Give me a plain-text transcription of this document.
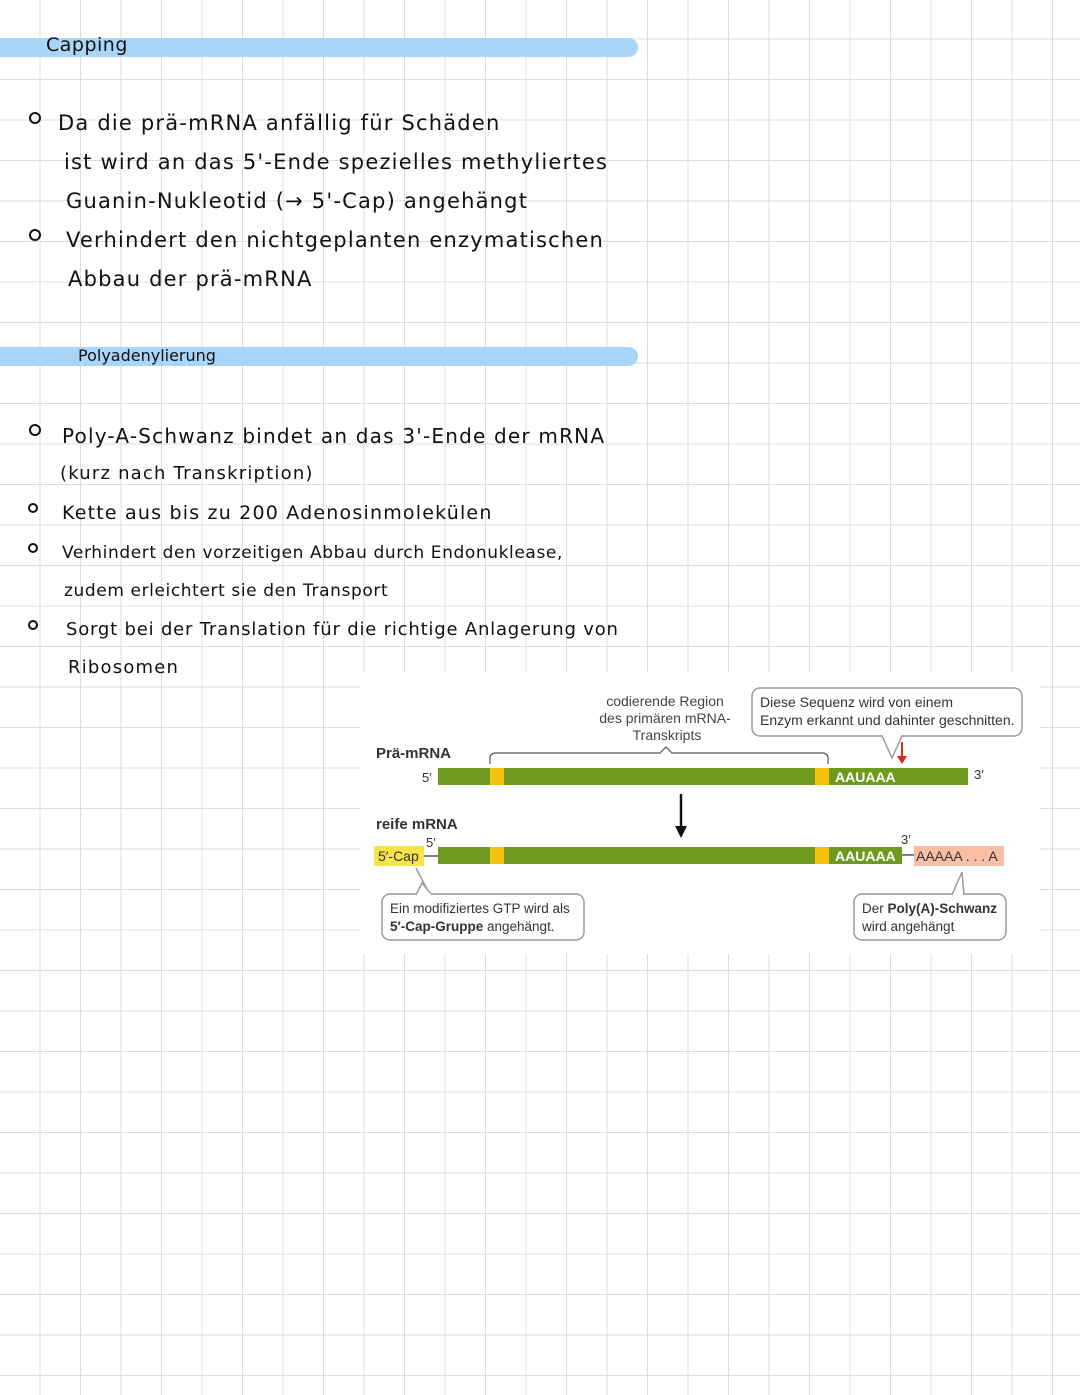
Capping
Da die prä-mRNA anfällig für Schäden
ist wird an das 5'-Ende spezielles methyliertes
Guanin-Nukleotid (→ 5'-Cap) angehängt
Verhindert den nichtgeplanten enzymatischen
Abbau der prä-mRNA
Polyadenylierung
Poly-A-Schwanz bindet an das 3'-Ende der mRNA
(kurz nach Transkription)
Kette aus bis zu 200 Adenosinmolekülen
Verhindert den vorzeitigen Abbau durch Endonuklease,
zudem erleichtert sie den Transport
Sorgt bei der Translation für die richtige Anlagerung von
Ribosomen
codierende Region
des primären mRNA-
Transkripts
Diese Sequenz wird von einem
Enzym erkannt und dahinter geschnitten.
Prä-mRNA
5′	AAUAAA	3′
reife mRNA
5′
5′-Cap	AAUAAA
3′
AAAAA . . . A
Ein modifiziertes GTP wird als
5′-Cap-Gruppe angehängt.
Der Poly(A)-Schwanz
wird angehängt
